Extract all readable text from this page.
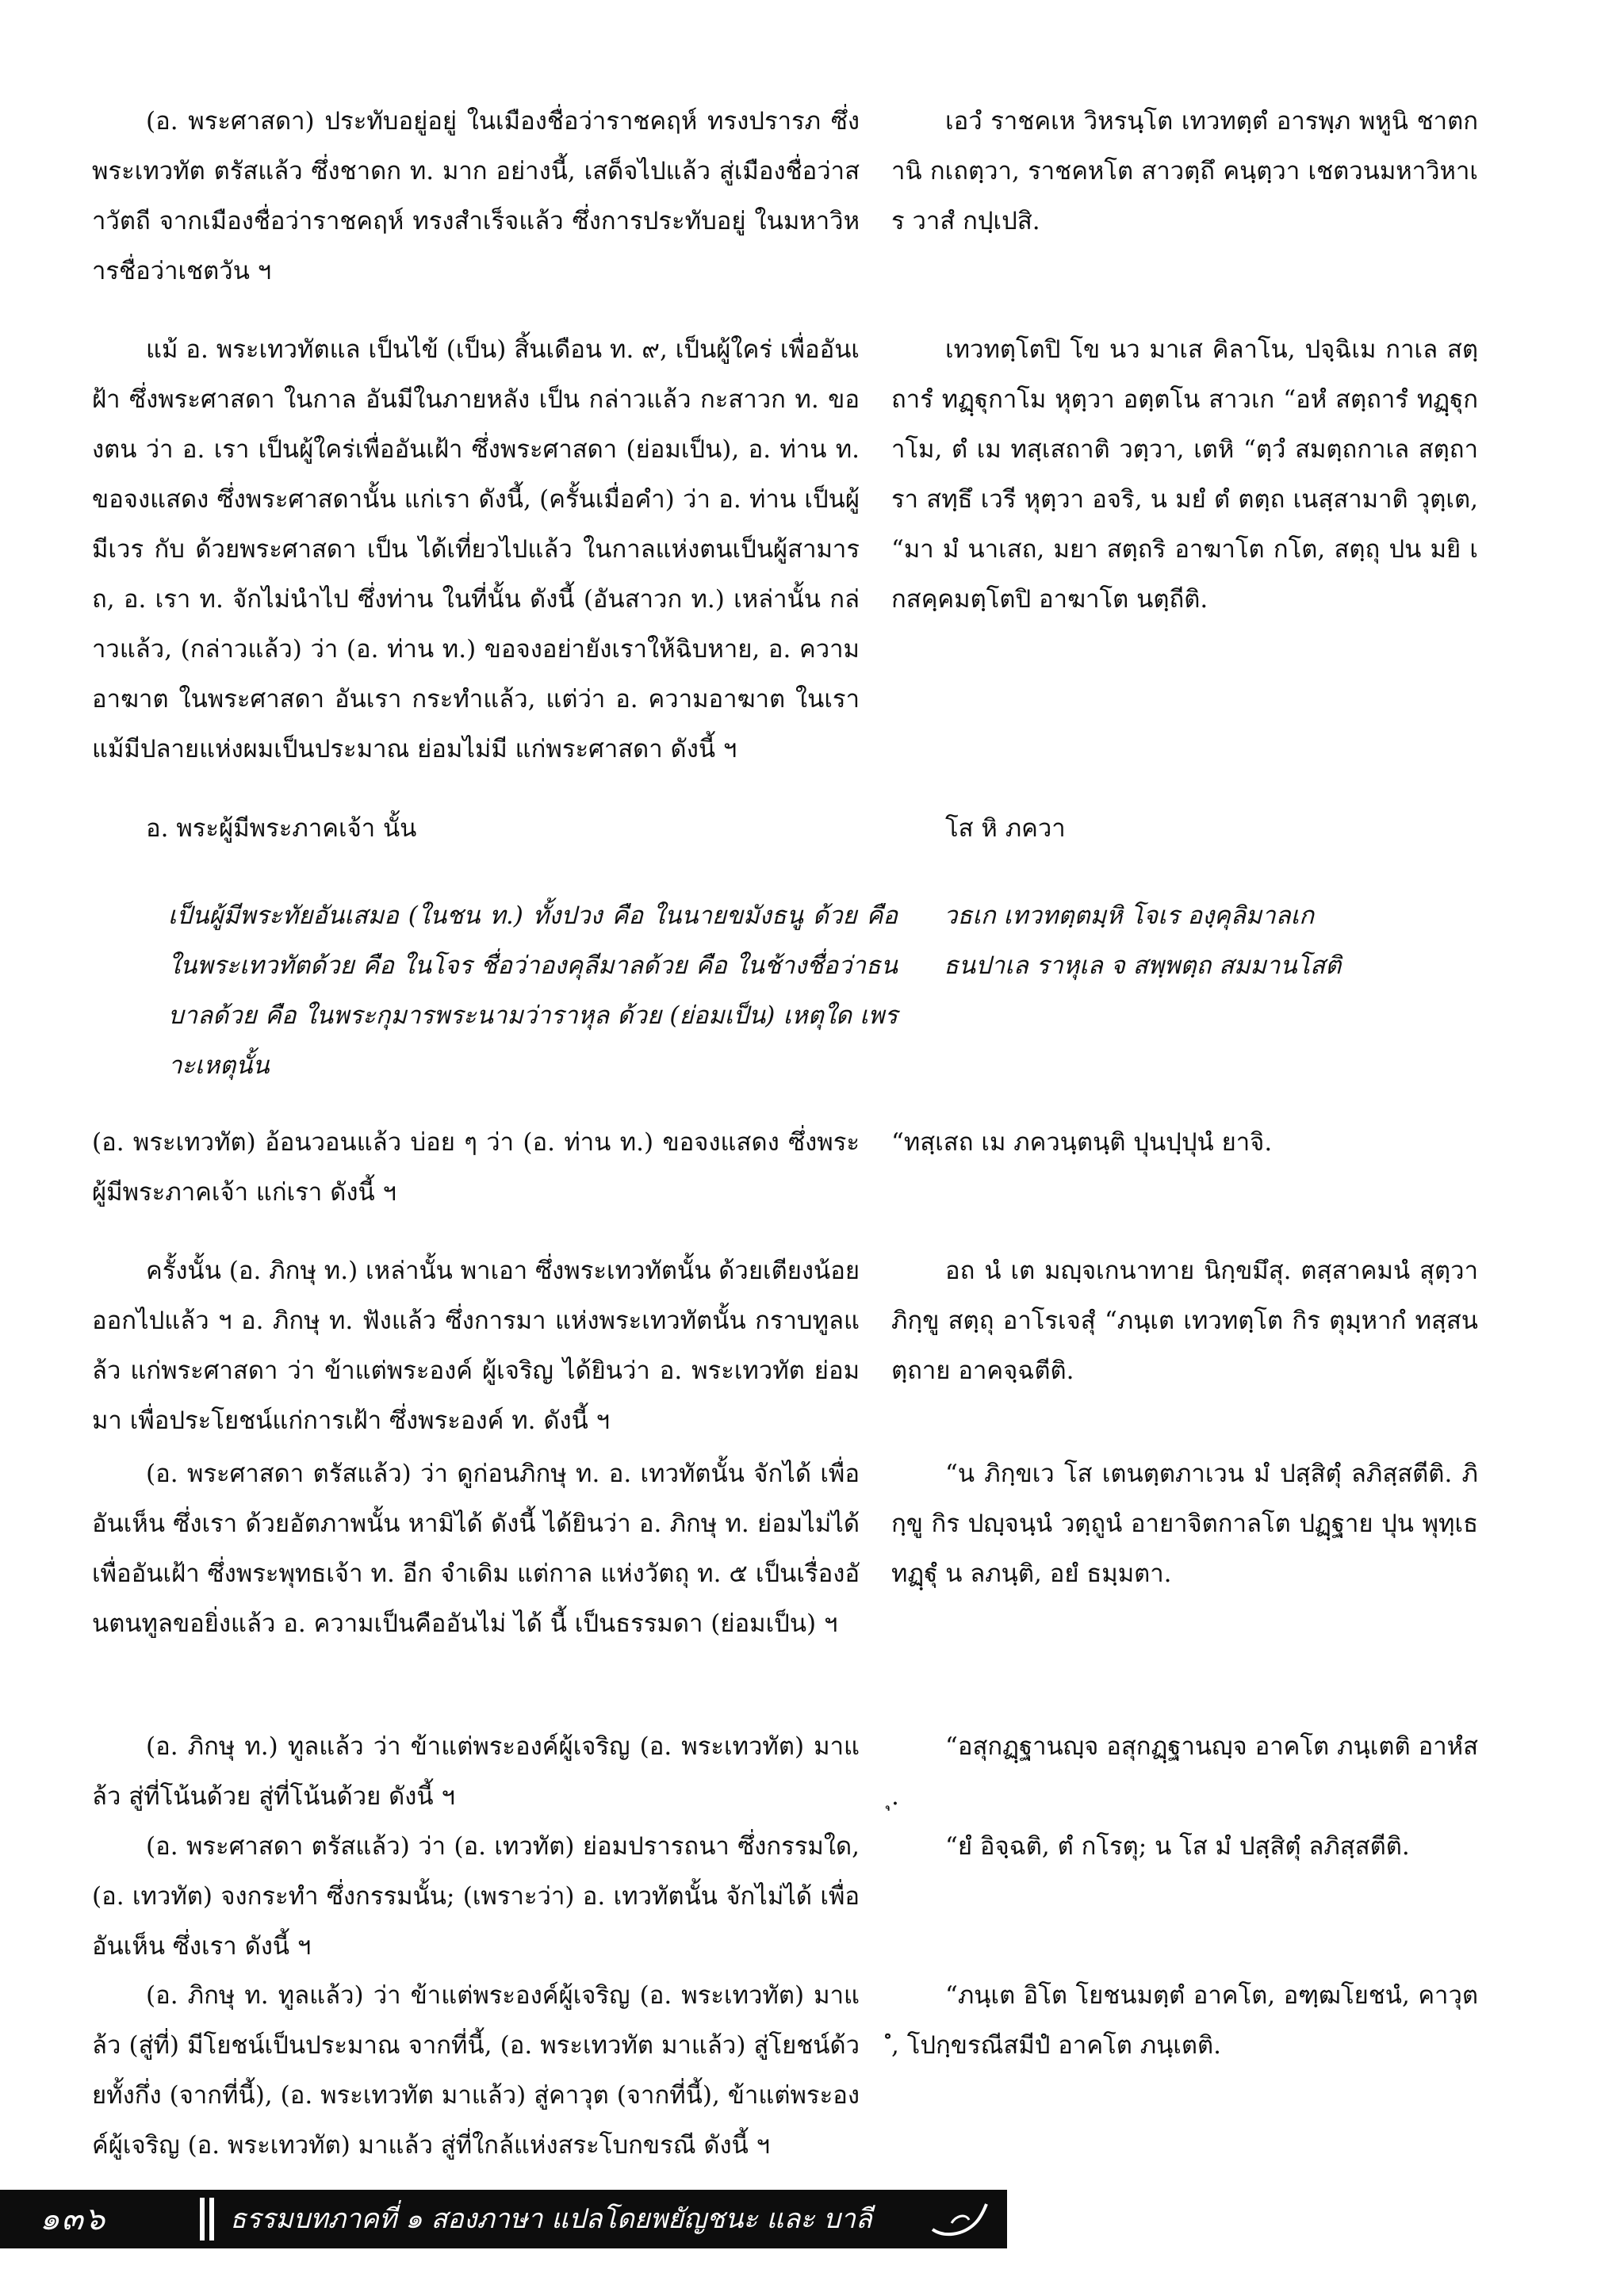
(อ. พระศาสดา) ประทับอยู่อยู่ ในเมืองชื่อว่าราชคฤห์ ทรงปรารภ ซึ่งพระเทวทัต ตรัสแล้ว ซึ่งชาดก ท. มาก อย่างนี้, เสด็จไปแล้ว สู่เมืองชื่อว่าสาวัตถี จากเมืองชื่อว่าราชคฤห์ ทรงสำเร็จแล้ว ซึ่งการประทับอยู่ ในมหาวิหารชื่อว่าเชตวัน ฯ

เอวํ ราชคเห วิหรนฺโต เทวทตฺตํ อารพฺภ พหูนิ ชาตกานิ กเถตฺวา, ราชคหโต สาวตฺถึ คนฺตฺวา เชตวนมหาวิหาเร วาสํ กปฺเปสิ.

แม้ อ. พระเทวทัตแล เป็นไข้ (เป็น) สิ้นเดือน ท. ๙, เป็นผู้ใคร่ เพื่ออันเฝ้า ซึ่งพระศาสดา ในกาล อันมีในภายหลัง เป็น กล่าวแล้ว กะสาวก ท. ของตน ว่า อ. เรา เป็นผู้ใคร่เพื่ออันเฝ้า ซึ่งพระศาสดา (ย่อมเป็น), อ. ท่าน ท. ขอจงแสดง ซึ่งพระศาสดานั้น แก่เรา ดังนี้, (ครั้นเมื่อคำ) ว่า อ. ท่าน เป็นผู้มีเวร กับ ด้วยพระศาสดา เป็น ได้เที่ยวไปแล้ว ในกาลแห่งตนเป็นผู้สามารถ, อ. เรา ท. จักไม่นำไป ซึ่งท่าน ในที่นั้น ดังนี้ (อันสาวก ท.) เหล่านั้น กล่าวแล้ว, (กล่าวแล้ว) ว่า (อ. ท่าน ท.) ขอจงอย่ายังเราให้ฉิบหาย, อ. ความอาฆาต ในพระศาสดา อันเรา กระทำแล้ว, แต่ว่า อ. ความอาฆาต ในเรา แม้มีปลายแห่งผมเป็นประมาณ ย่อมไม่มี แก่พระศาสดา ดังนี้ ฯ

เทวทตฺโตปิ โข นว มาเส คิลาโน, ปจฺฉิเม กาเล สตฺถารํ ทฏฺฐุกาโม หุตฺวา อตฺตโน สาวเก “อหํ สตฺถารํ ทฏฺฐุกาโม, ตํ เม ทสฺเสถาติ วตฺวา, เตหิ “ตฺวํ สมตฺถกาเล สตฺถารา สทฺธึ เวรี หุตฺวา อจริ, น มยํ ตํ ตตฺถ เนสฺสามาติ วุตฺเต, “มา มํ นาเสถ, มยา สตฺถริ อาฆาโต กโต, สตฺถุ ปน มยิ เกสคฺคมตฺโตปิ อาฆาโต นตฺถีติ.

อ. พระผู้มีพระภาคเจ้า นั้น	โส หิ ภควา

เป็นผู้มีพระทัยอันเสมอ (ในชน ท.) ทั้งปวง คือ ในนายขมังธนู ด้วย คือ ในพระเทวทัตด้วย คือ ในโจร ชื่อว่าองคุลีมาลด้วย คือ ในช้างชื่อว่าธนบาลด้วย คือ ในพระกุมารพระนามว่าราหุล ด้วย (ย่อมเป็น) เหตุใด เพราะเหตุนั้น

วธเก เทวทตฺตมฺหิ โจเร องฺคุลิมาลเก
ธนปาเล ราหุเล จ สพฺพตฺถ สมมานโสติ

(อ. พระเทวทัต) อ้อนวอนแล้ว บ่อย ๆ ว่า (อ. ท่าน ท.) ขอจงแสดง ซึ่งพระผู้มีพระภาคเจ้า แก่เรา ดังนี้ ฯ

“ทสฺเสถ เม ภควนฺตนฺติ ปุนปฺปุนํ ยาจิ.

ครั้งนั้น (อ. ภิกษุ ท.) เหล่านั้น พาเอา ซึ่งพระเทวทัตนั้น ด้วยเตียงน้อย ออกไปแล้ว ฯ อ. ภิกษุ ท. ฟังแล้ว ซึ่งการมา แห่งพระเทวทัตนั้น กราบทูลแล้ว แก่พระศาสดา ว่า ข้าแต่พระองค์ ผู้เจริญ ได้ยินว่า อ. พระเทวทัต ย่อมมา เพื่อประโยชน์แก่การเฝ้า ซึ่งพระองค์ ท. ดังนี้ ฯ

อถ นํ เต มญฺจเกนาทาย นิกฺขมึสุ. ตสฺสาคมนํ สุตฺวา ภิกฺขู สตฺถุ อาโรเจสุํ “ภนฺเต เทวทตฺโต กิร ตุมฺหากํ ทสฺสนตฺถาย อาคจฺฉตีติ.

(อ. พระศาสดา ตรัสแล้ว) ว่า ดูก่อนภิกษุ ท. อ. เทวทัตนั้น จักได้ เพื่ออันเห็น ซึ่งเรา ด้วยอัตภาพนั้น หามิได้ ดังนี้ ได้ยินว่า อ. ภิกษุ ท. ย่อมไม่ได้ เพื่ออันเฝ้า ซึ่งพระพุทธเจ้า ท. อีก จำเดิม แต่กาล แห่งวัตถุ ท. ๕ เป็นเรื่องอันตนทูลขอยิ่งแล้ว อ. ความเป็นคืออันไม่ ได้ นี้ เป็นธรรมดา (ย่อมเป็น) ฯ

“น ภิกฺขเว โส เตนตฺตภาเวน มํ ปสฺสิตุํ ลภิสฺสตีติ. ภิกฺขู กิร ปญฺจนฺนํ วตฺถูนํ อายาจิตกาลโต ปฏฺฐาย ปุน พุทฺเธ ทฏฺฐุํ น ลภนฺติ, อยํ ธมฺมตา.

(อ. ภิกษุ ท.) ทูลแล้ว ว่า ข้าแต่พระองค์ผู้เจริญ (อ. พระเทวทัต) มาแล้ว สู่ที่โน้นด้วย สู่ที่โน้นด้วย ดังนี้ ฯ

“อสุกฏฺฐานญฺจ อสุกฏฺฐานญฺจ อาคโต ภนฺเตติ อาหํสุ.

(อ. พระศาสดา ตรัสแล้ว) ว่า (อ. เทวทัต) ย่อมปรารถนา ซึ่งกรรมใด, (อ. เทวทัต) จงกระทำ ซึ่งกรรมนั้น; (เพราะว่า) อ. เทวทัตนั้น จักไม่ได้ เพื่ออันเห็น ซึ่งเรา ดังนี้ ฯ

“ยํ อิจฺฉติ, ตํ กโรตุ; น โส มํ ปสฺสิตุํ ลภิสฺสตีติ.

(อ. ภิกษุ ท. ทูลแล้ว) ว่า ข้าแต่พระองค์ผู้เจริญ (อ. พระเทวทัต) มาแล้ว (สู่ที่) มีโยชน์เป็นประมาณ จากที่นี้, (อ. พระเทวทัต มาแล้ว) สู่โยชน์ด้วยทั้งกึ่ง (จากที่นี้), (อ. พระเทวทัต มาแล้ว) สู่คาวุต (จากที่นี้), ข้าแต่พระองค์ผู้เจริญ (อ. พระเทวทัต) มาแล้ว สู่ที่ใกล้แห่งสระโบกขรณี ดังนี้ ฯ

“ภนฺเต อิโต โยชนมตฺตํ อาคโต, อฑฺฒโยชนํ, คาวุตํ, โปกฺขรณีสมีปํ อาคโต ภนฺเตติ.

๑๓๖	ธรรมบทภาคที่ ๑ สองภาษา แปลโดยพยัญชนะ และ บาลี
